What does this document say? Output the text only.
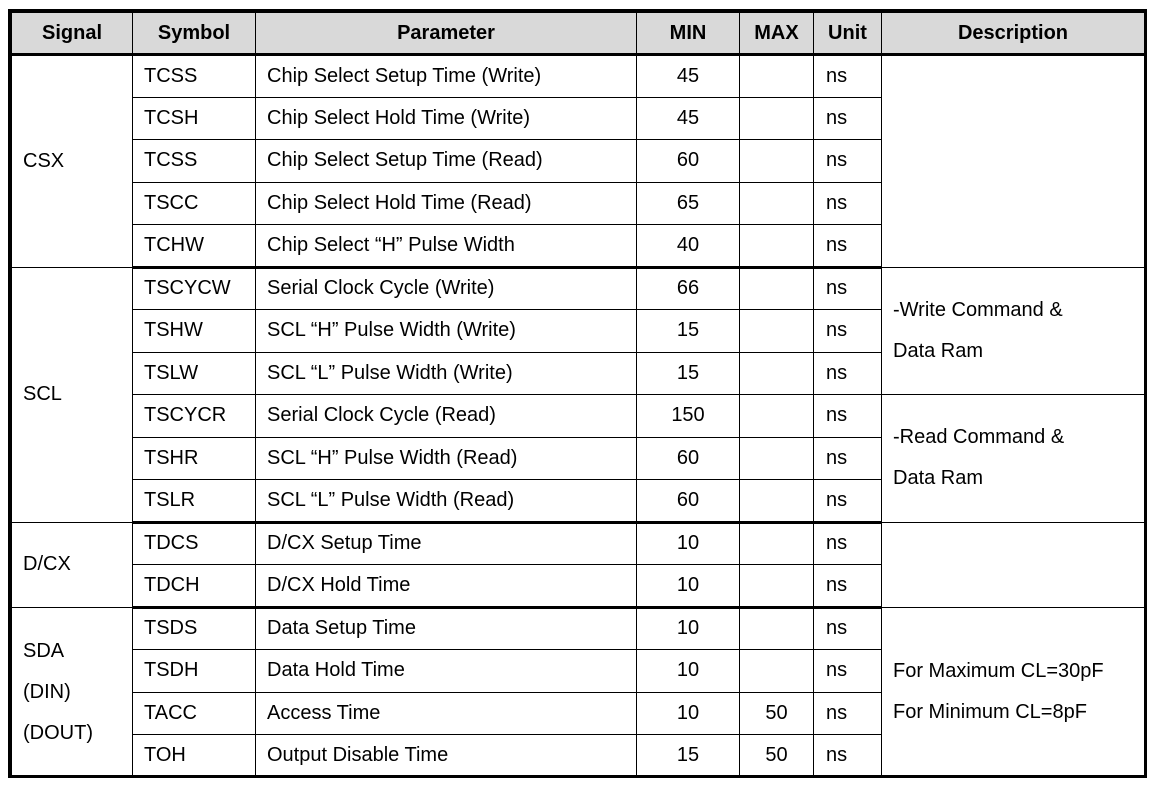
Signal	Symbol	Parameter	MIN	MAX	Unit	Description
CSX	TCSS	Chip Select Setup Time (Write)	45		ns	
	TCSH	Chip Select Hold Time (Write)	45		ns	
	TCSS	Chip Select Setup Time (Read)	60		ns	
	TSCC	Chip Select Hold Time (Read)	65		ns	
	TCHW	Chip Select “H” Pulse Width	40		ns	
SCL	TSCYCW	Serial Clock Cycle (Write)	66		ns	-Write Command &
Data Ram

	TSHW	SCL “H” Pulse Width (Write)	15		ns	
	TSLW	SCL “L” Pulse Width (Write)	15		ns	
	TSCYCR	Serial Clock Cycle (Read)	150		ns	-Read Command &
Data Ram

	TSHR	SCL “H” Pulse Width (Read)	60		ns	
	TSLR	SCL “L” Pulse Width (Read)	60		ns	
D/CX	TDCS	D/CX Setup Time	10		ns	
	TDCH	D/CX Hold Time	10		ns	

SDA
(DIN)
(DOUT)	TSDS	Data Setup Time	10		ns	For Maximum CL=30pF
For Minimum CL=8pF

	TSDH	Data Hold Time	10		ns	
	TACC	Access Time	10	50	ns	
	TOH	Output Disable Time	15	50	ns	
